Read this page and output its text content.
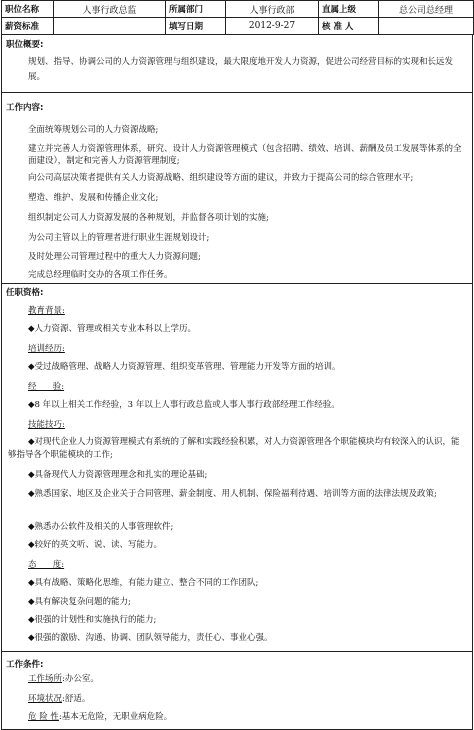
职位名称	人事行政总监	所属部门	人事行政部	直属上级	总公司总经理
薪资标准		填写日期	2012-9-27	核 准 人	
职位概要:
规划、指导、协调公司的人力资源管理与组织建设，最大限度地开发人力资源，促进公司经营目标的实现和长远发展。
工作内容:
全面统筹规划公司的人力资源战略;
建立并完善人力资源管理体系，研究、设计人力资源管理模式（包含招聘、绩效、培训、薪酬及员工发展等体系的全面建设），制定和完善人力资源管理制度;
向公司高层决策者提供有关人力资源战略、组织建设等方面的建议，并致力于提高公司的综合管理水平;
塑造、维护、发展和传播企业文化;
组织制定公司人力资源发展的各种规划，并监督各项计划的实施;
为公司主管以上的管理者进行职业生涯规划设计;
及时处理公司管理过程中的重大人力资源问题;
完成总经理临时交办的各项工作任务。
任职资格:
教育背景:
◆人力资源、管理或相关专业本科以上学历。
培训经历:
◆受过战略管理、战略人力资源管理、组织变革管理、管理能力开发等方面的培训。
经      验:
◆8 年以上相关工作经验，3 年以上人事行政总监或人事人事行政部经理工作经验。
技能技巧:
◆对现代企业人力资源管理模式有系统的了解和实践经验积累，对人力资源管理各个职能模块均有较深入的认识，能够指导各个职能模块的工作;
◆具备现代人力资源管理理念和扎实的理论基础;
◆熟悉国家、地区及企业关于合同管理、薪金制度、用人机制、保险福利待遇、培训等方面的法律法规及政策;
◆熟悉办公软件及相关的人事管理软件;
◆较好的英文听、说、读、写能力。
态      度:
◆具有战略、策略化思维，有能力建立、整合不同的工作团队;
◆具有解决复杂问题的能力;
◆很强的计划性和实施执行的能力;
◆很强的激励、沟通、协调、团队领导能力，责任心、事业心强。
工作条件:
工作场所:办公室。
环境状况:舒适。
危 险 性:基本无危险，无职业病危险。
